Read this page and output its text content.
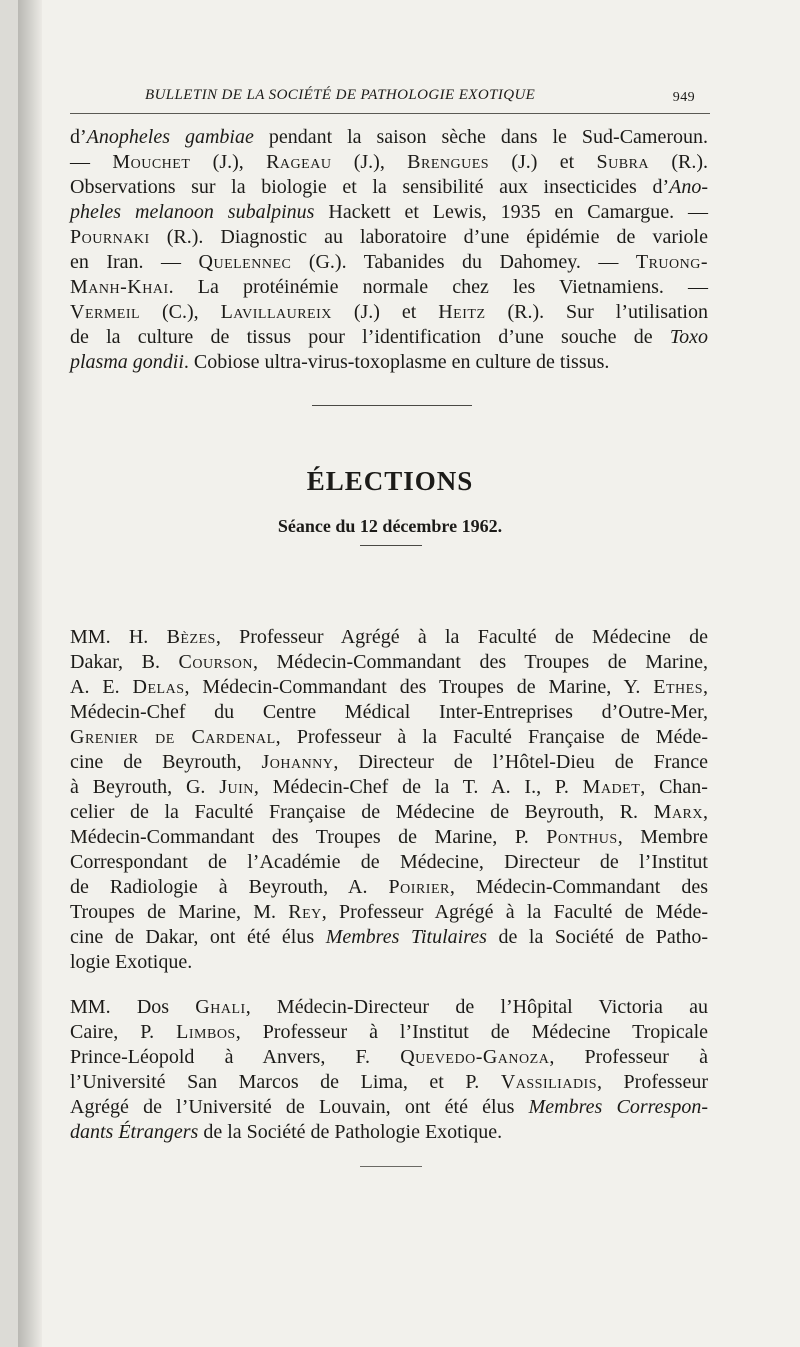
BULLETIN DE LA SOCIÉTÉ DE PATHOLOGIE EXOTIQUE	949
d’Anopheles gambiae pendant la saison sèche dans le Sud-Cameroun.
— Mouchet (J.), Rageau (J.), Brengues (J.) et Subra (R.).
Observations sur la biologie et la sensibilité aux insecticides d’Ano-
pheles melanoon subalpinus Hackett et Lewis, 1935 en Camargue. —
Pournaki (R.). Diagnostic au laboratoire d’une épidémie de variole
en Iran. — Quelennec (G.). Tabanides du Dahomey. — Truong-
Manh-Khai. La protéinémie normale chez les Vietnamiens. —
Vermeil (C.), Lavillaureix (J.) et Heitz (R.). Sur l’utilisation
de la culture de tissus pour l’identification d’une souche de Toxo
plasma gondii. Cobiose ultra-virus-toxoplasme en culture de tissus.
ÉLECTIONS
Séance du 12 décembre 1962.
MM. H. Bèzes, Professeur Agrégé à la Faculté de Médecine de
Dakar, B. Courson, Médecin-Commandant des Troupes de Marine,
A. E. Delas, Médecin-Commandant des Troupes de Marine, Y. Ethes,
Médecin-Chef du Centre Médical Inter-Entreprises d’Outre-Mer,
Grenier de Cardenal, Professeur à la Faculté Française de Méde-
cine de Beyrouth, Johanny, Directeur de l’Hôtel-Dieu de France
à Beyrouth, G. Juin, Médecin-Chef de la T. A. I., P. Madet, Chan-
celier de la Faculté Française de Médecine de Beyrouth, R. Marx,
Médecin-Commandant des Troupes de Marine, P. Ponthus, Membre
Correspondant de l’Académie de Médecine, Directeur de l’Institut
de Radiologie à Beyrouth, A. Poirier, Médecin-Commandant des
Troupes de Marine, M. Rey, Professeur Agrégé à la Faculté de Méde-
cine de Dakar, ont été élus Membres Titulaires de la Société de Patho-
logie Exotique.
MM. Dos Ghali, Médecin-Directeur de l’Hôpital Victoria au
Caire, P. Limbos, Professeur à l’Institut de Médecine Tropicale
Prince-Léopold à Anvers, F. Quevedo-Ganoza, Professeur à
l’Université San Marcos de Lima, et P. Vassiliadis, Professeur
Agrégé de l’Université de Louvain, ont été élus Membres Correspon-
dants Étrangers de la Société de Pathologie Exotique.
